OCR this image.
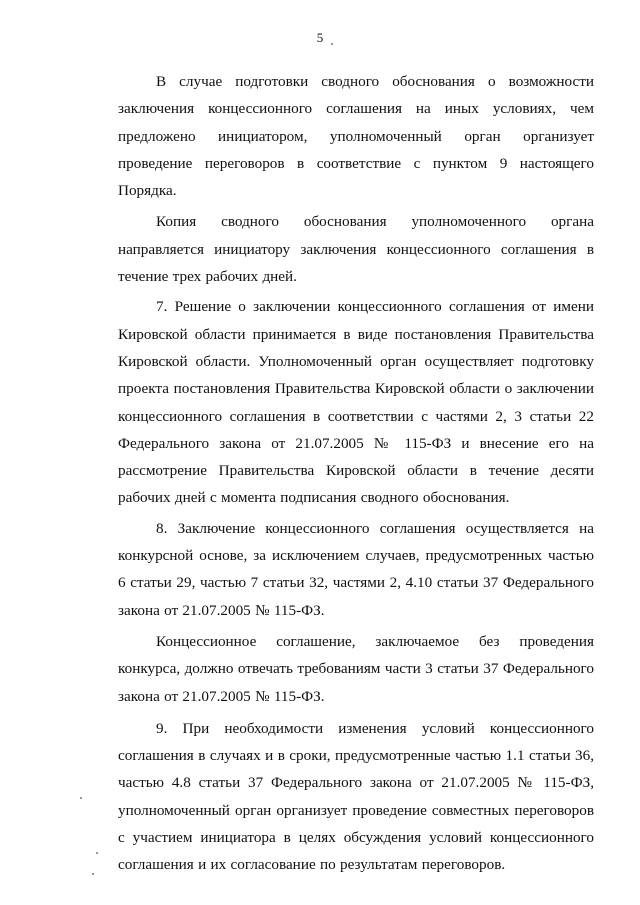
5

В случае подготовки сводного обоснования о возможности заключения концессионного соглашения на иных условиях, чем предложено инициатором, уполномоченный орган организует проведение переговоров в соответствие с пунктом 9 настоящего Порядка.

Копия сводного обоснования уполномоченного органа направляется инициатору заключения концессионного соглашения в течение трех рабочих дней.

7. Решение о заключении концессионного соглашения от имени Кировской области принимается в виде постановления Правительства Кировской области. Уполномоченный орган осуществляет подготовку проекта постановления Правительства Кировской области о заключении концессионного соглашения в соответствии с частями 2, 3 статьи 22 Федерального закона от 21.07.2005 № 115-ФЗ и внесение его на рассмотрение Правительства Кировской области в течение десяти рабочих дней с момента подписания сводного обоснования.

8. Заключение концессионного соглашения осуществляется на конкурсной основе, за исключением случаев, предусмотренных частью 6 статьи 29, частью 7 статьи 32, частями 2, 4.10 статьи 37 Федерального закона от 21.07.2005 № 115-ФЗ.

Концессионное соглашение, заключаемое без проведения конкурса, должно отвечать требованиям части 3 статьи 37 Федерального закона от 21.07.2005 № 115-ФЗ.

9. При необходимости изменения условий концессионного соглашения в случаях и в сроки, предусмотренные частью 1.1 статьи 36, частью 4.8 статьи 37 Федерального закона от 21.07.2005 № 115-ФЗ, уполномоченный орган организует проведение совместных переговоров с участием инициатора в целях обсуждения условий концессионного соглашения и их согласование по результатам переговоров.
